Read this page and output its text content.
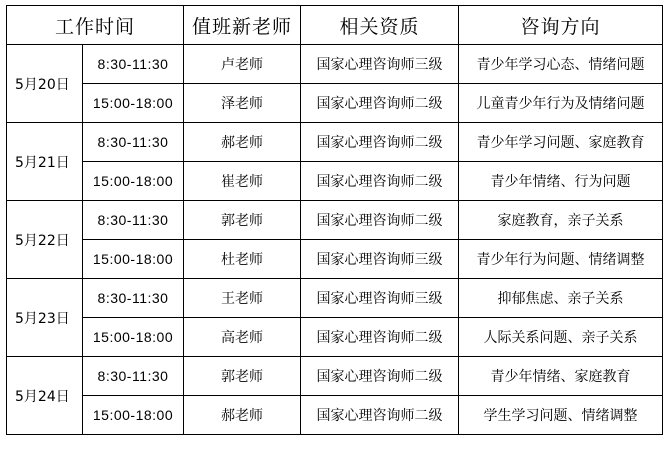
工作时间		值班新老师	相关资质	咨询方向
5月20日	8:30-11:30	卢老师	国家心理咨询师三级	青少年学习心态、情绪问题
	15:00-18:00	泽老师	国家心理咨询师二级	儿童青少年行为及情绪问题
5月21日	8:30-11:30	郝老师	国家心理咨询师二级	青少年学习问题、家庭教育
	15:00-18:00	崔老师	国家心理咨询师二级	青少年情绪、行为问题
5月22日	8:30-11:30	郭老师	国家心理咨询师二级	家庭教育，亲子关系
	15:00-18:00	杜老师	国家心理咨询师三级	青少年行为问题、情绪调整
5月23日	8:30-11:30	王老师	国家心理咨询师三级	抑郁焦虑、亲子关系
	15:00-18:00	高老师	国家心理咨询师二级	人际关系问题、亲子关系
5月24日	8:30-11:30	郭老师	国家心理咨询师二级	青少年情绪、家庭教育
	15:00-18:00	郝老师	国家心理咨询师二级	学生学习问题、情绪调整
